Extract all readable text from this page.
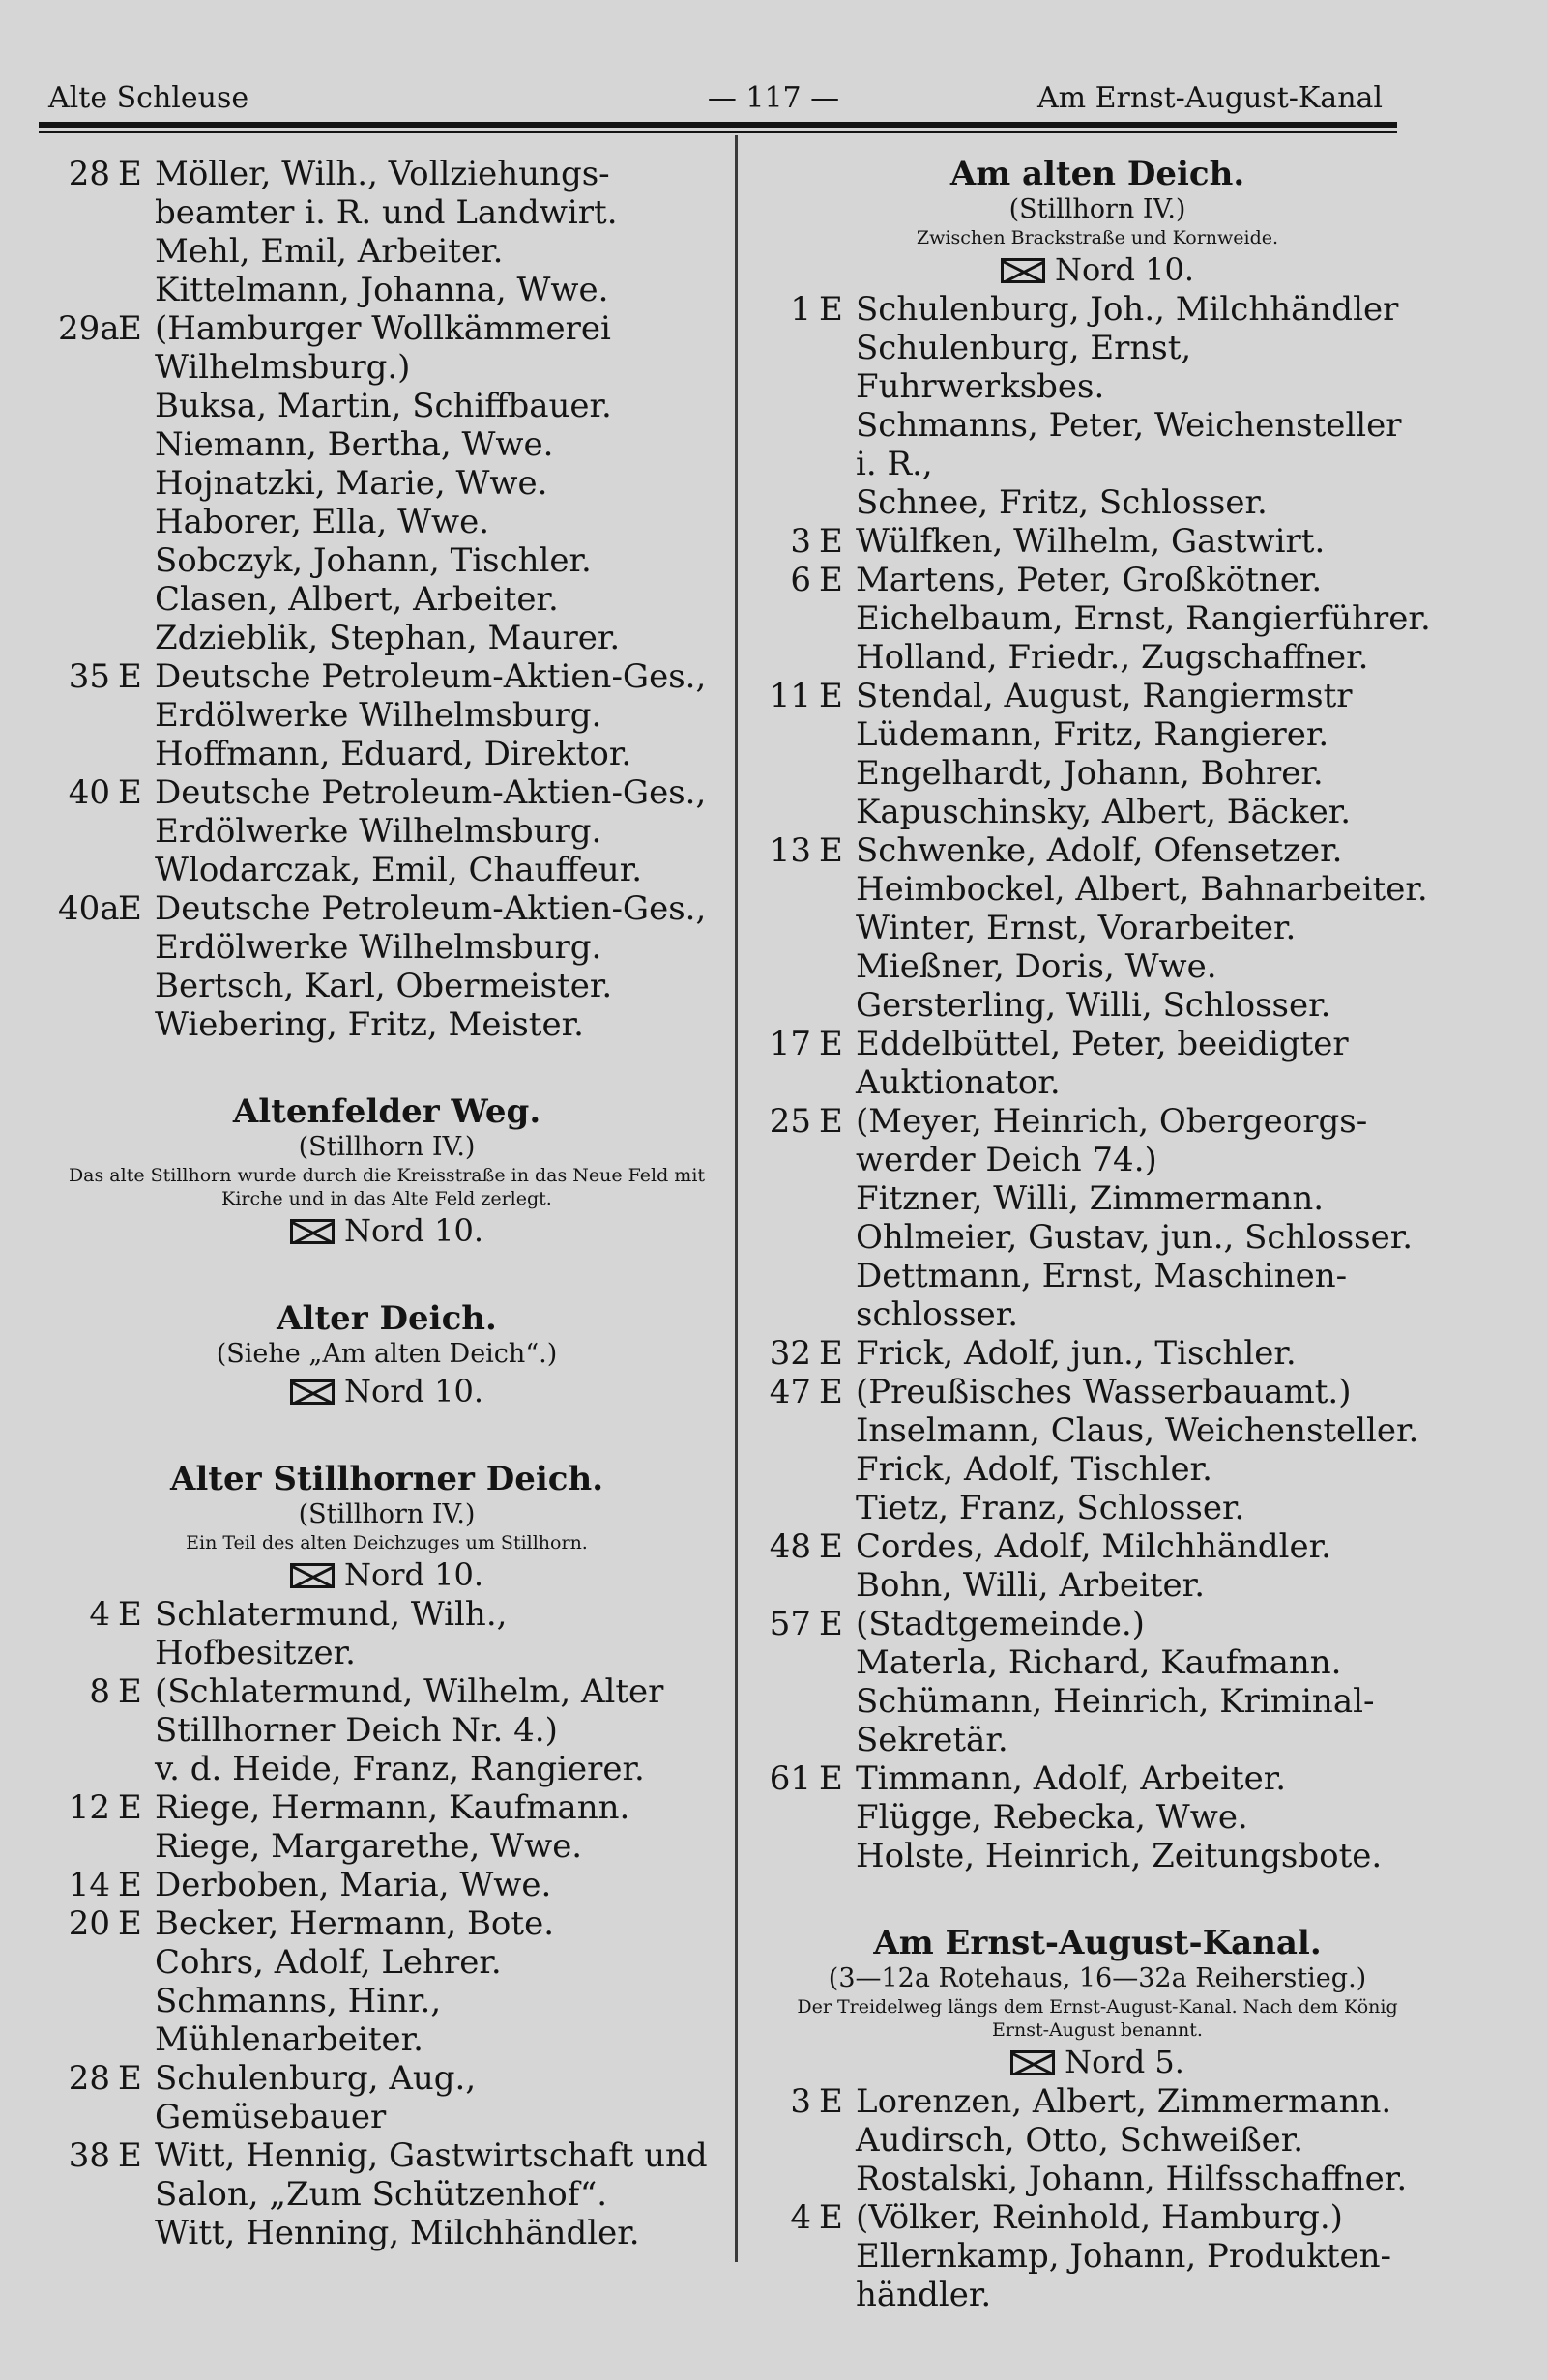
Alte Schleuse	— 117 —	Am Ernst-August-Kanal
28 E Möller, Wilh., Vollziehungs-
beamter i. R. und Landwirt.
Mehl, Emil, Arbeiter.
Kittelmann, Johanna, Wwe.
29a
E (Hamburger Wollkämmerei
Wilhelmsburg.)
Buksa, Martin, Schiffbauer.
Niemann, Bertha, Wwe.
Hojnatzki, Marie, Wwe.
Haborer, Ella, Wwe.
Sobczyk, Johann, Tischler.
Clasen, Albert, Arbeiter.
Zdzieblik, Stephan, Maurer.
35 E Deutsche Petroleum-Aktien-Ges.,
Erdölwerke Wilhelmsburg.
Hoffmann, Eduard, Direktor.
40 E Deutsche Petroleum-Aktien-Ges.,
Erdölwerke Wilhelmsburg.
Wlodarczak, Emil, Chauffeur.
40a
E Deutsche Petroleum-Aktien-Ges.,
Erdölwerke Wilhelmsburg.
Bertsch, Karl, Obermeister.
Wiebering, Fritz, Meister.
Altenfelder Weg.
(Stillhorn IV.)
Das alte Stillhorn wurde durch die Kreisstraße in das Neue Feld mit Kirche und in das Alte Feld zerlegt.
Nord 10.
Alter Deich.
(Siehe „Am alten Deich“.)
Nord 10.
Alter Stillhorner Deich.
(Stillhorn IV.)
Ein Teil des alten Deichzuges um Stillhorn.
Nord 10.
4 E Schlatermund, Wilh., Hofbesitzer.
8 E (Schlatermund, Wilhelm, Alter
Stillhorner Deich Nr. 4.)
v. d. Heide, Franz, Rangierer.
12 E Riege, Hermann, Kaufmann.
Riege, Margarethe, Wwe.
14 E Derboben, Maria, Wwe.
20 E Becker, Hermann, Bote.
Cohrs, Adolf, Lehrer.
Schmanns, Hinr., Mühlenarbeiter.
28 E Schulenburg, Aug., Gemüsebauer
38 E Witt, Hennig, Gastwirtschaft und
Salon, „Zum Schützenhof“.
Witt, Henning, Milchhändler.
Am alten Deich.
(Stillhorn IV.)
Zwischen Brackstraße und Kornweide.
Nord 10.
1 E Schulenburg, Joh., Milchhändler
Schulenburg, Ernst, Fuhrwerksbes.
Schmanns, Peter, Weichensteller
i. R.,
Schnee, Fritz, Schlosser.
3 E Wülfken, Wilhelm, Gastwirt.
6 E Martens, Peter, Großkötner.
Eichelbaum, Ernst, Rangierführer.
Holland, Friedr., Zugschaffner.
11 E Stendal, August, Rangiermstr
Lüdemann, Fritz, Rangierer.
Engelhardt, Johann, Bohrer.
Kapuschinsky, Albert, Bäcker.
13 E Schwenke, Adolf, Ofensetzer.
Heimbockel, Albert, Bahnarbeiter.
Winter, Ernst, Vorarbeiter.
Mießner, Doris, Wwe.
Gersterling, Willi, Schlosser.
17 E Eddelbüttel, Peter, beeidigter
Auktionator.
25 E (Meyer, Heinrich, Obergeorgs-
werder Deich 74.)
Fitzner, Willi, Zimmermann.
Ohlmeier, Gustav, jun., Schlosser.
Dettmann, Ernst, Maschinen-
schlosser.
32 E Frick, Adolf, jun., Tischler.
47 E (Preußisches Wasserbauamt.)
Inselmann, Claus, Weichensteller.
Frick, Adolf, Tischler.
Tietz, Franz, Schlosser.
48 E Cordes, Adolf, Milchhändler.
Bohn, Willi, Arbeiter.
57 E (Stadtgemeinde.)
Materla, Richard, Kaufmann.
Schümann, Heinrich, Kriminal-
Sekretär.
61 E Timmann, Adolf, Arbeiter.
Flügge, Rebecka, Wwe.
Holste, Heinrich, Zeitungsbote.
Am Ernst-August-Kanal.
(3—12a Rotehaus, 16—32a Reiherstieg.)
Der Treidelweg längs dem Ernst-August-Kanal. Nach dem König Ernst-August benannt.
Nord 5.
3 E Lorenzen, Albert, Zimmermann.
Audirsch, Otto, Schweißer.
Rostalski, Johann, Hilfsschaffner.
4 E (Völker, Reinhold, Hamburg.)
Ellernkamp, Johann, Produkten-
händler.
